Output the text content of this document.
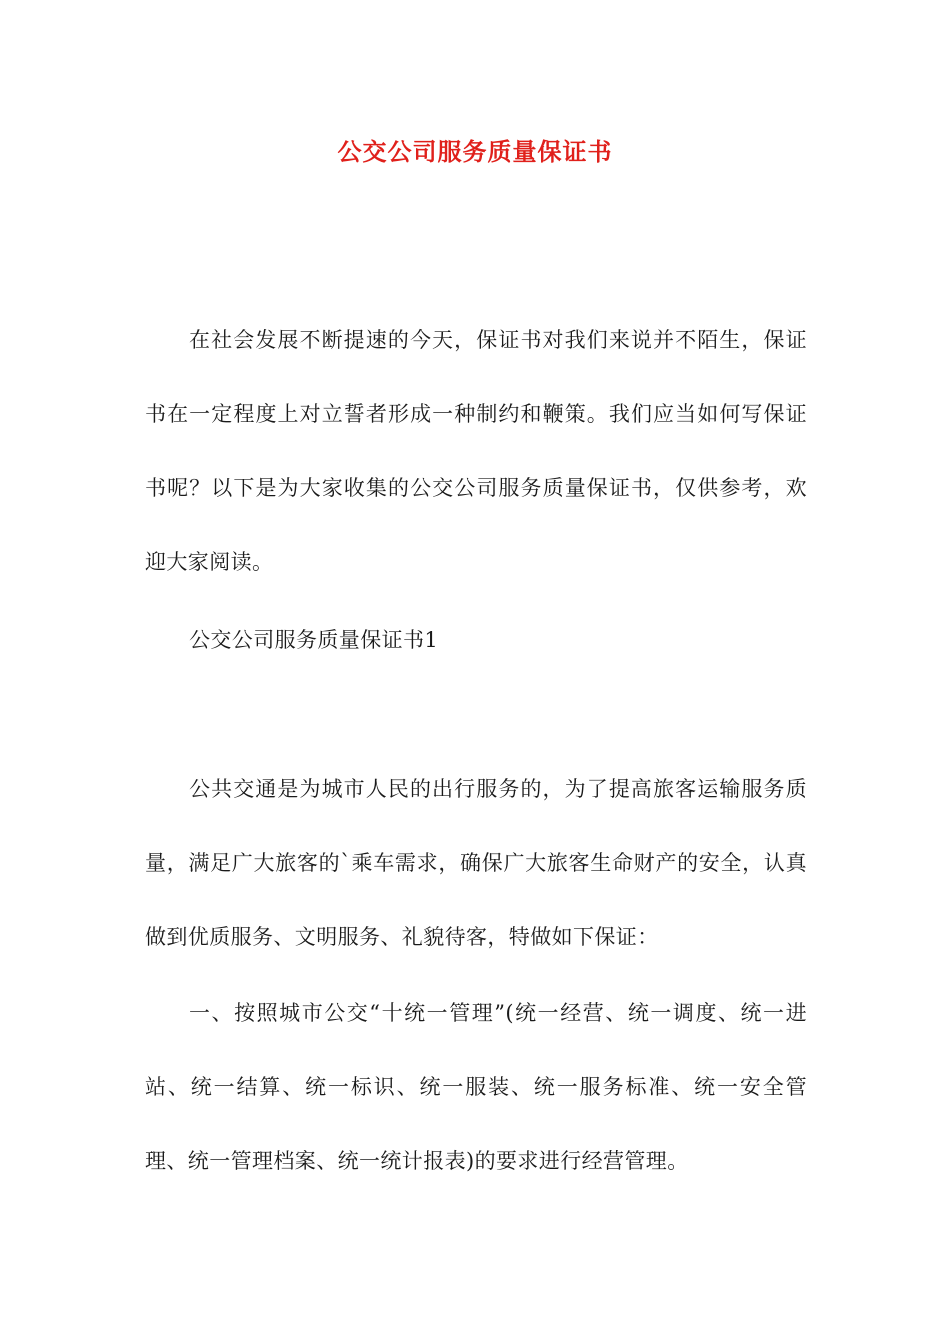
公交公司服务质量保证书

在社会发展不断提速的今天，保证书对我们来说并不陌生，保证书在一定程度上对立誓者形成一种制约和鞭策。我们应当如何写保证书呢？以下是为大家收集的公交公司服务质量保证书，仅供参考，欢迎大家阅读。

公交公司服务质量保证书1

公共交通是为城市人民的出行服务的，为了提高旅客运输服务质量，满足广大旅客的`乘车需求，确保广大旅客生命财产的安全，认真做到优质服务、文明服务、礼貌待客，特做如下保证：

一、按照城市公交“十统一管理”(统一经营、统一调度、统一进站、统一结算、统一标识、统一服装、统一服务标准、统一安全管理、统一管理档案、统一统计报表)的要求进行经营管理。
